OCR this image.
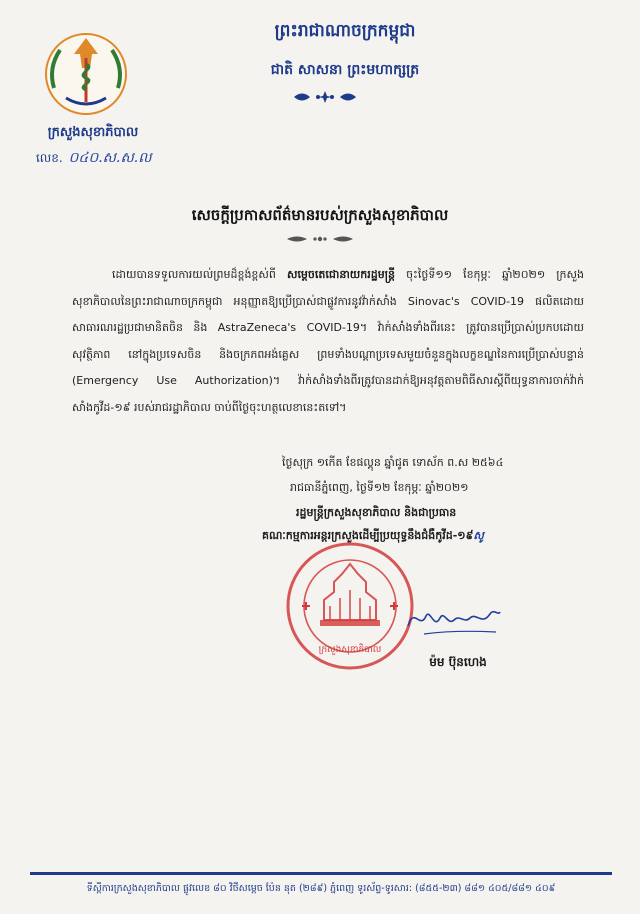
ក្រសួងសុខាភិបាល
លេខ. ០៤០.ស.ស.ល
ព្រះរាជាណាចក្រកម្ពុជា
ជាតិ សាសនា ព្រះមហាក្សត្រ
សេចក្ដីប្រកាសព័ត៌មានរបស់ក្រសួងសុខាភិបាល

ដោយបានទទួលការយល់ព្រមដ៏ខ្ពង់ខ្ពស់ពី សម្ដេចតេជោនាយករដ្ឋមន្ត្រី ចុះថ្ងៃទី១១ ខែកុម្ភៈ ឆ្នាំ២០២១ ក្រសួងសុខាភិបាលនៃព្រះរាជាណាចក្រកម្ពុជា អនុញ្ញាតឱ្យប្រើប្រាស់ជាផ្លូវការនូវវ៉ាក់សាំង Sinovac's COVID-19 ផលិតដោយសាធារណរដ្ឋប្រជាមានិតចិន និង AstraZeneca's COVID-19។ វ៉ាក់សាំងទាំងពីរនេះ ត្រូវបានប្រើប្រាស់ប្រកបដោយសុវត្ថិភាព នៅក្នុងប្រទេសចិន និងចក្រភពអង់គ្លេស ព្រមទាំងបណ្ដាប្រទេសមួយចំនួនក្នុងលក្ខខណ្ឌនៃការប្រើប្រាស់បន្ទាន់ (Emergency Use Authorization)។ វ៉ាក់សាំងទាំងពីរត្រូវបានដាក់ឱ្យអនុវត្តតាមពិធីសារស្ដីពីយុទ្ធនាការចាក់វ៉ាក់សាំងកូវីដ-១៩ របស់រាជរដ្ឋាភិបាល ចាប់ពីថ្ងៃចុះហត្ថលេខានេះតទៅ។

ថ្ងៃសុក្រ ១កើត ខែផល្គុន ឆ្នាំជូត ទោស័ក ព.ស ២៥៦៤
រាជធានីភ្នំពេញ, ថ្ងៃទី១២ ខែកុម្ភៈ ឆ្នាំ២០២១
រដ្ឋមន្ត្រីក្រសួងសុខាភិបាល និងជាប្រធាន
គណៈកម្មការអន្តរក្រសួងដើម្បីប្រយុទ្ធនឹងជំងឺកូវីដ-១៩សូ
ក្រសួងសុខាភិបាល
ម៉ម ប៊ុនហេង
ទីស្ដីការក្រសួងសុខាភិបាល ផ្លូវលេខ ៨០ វិថីសម្ដេច ប៉ែន នុត (២៨៩) ភ្នំពេញ ទូរស័ព្ទ-ទូរសារ: (៨៥៥-២៣) ៨៨១ ៤០៥/៨៨១ ៤០៩
